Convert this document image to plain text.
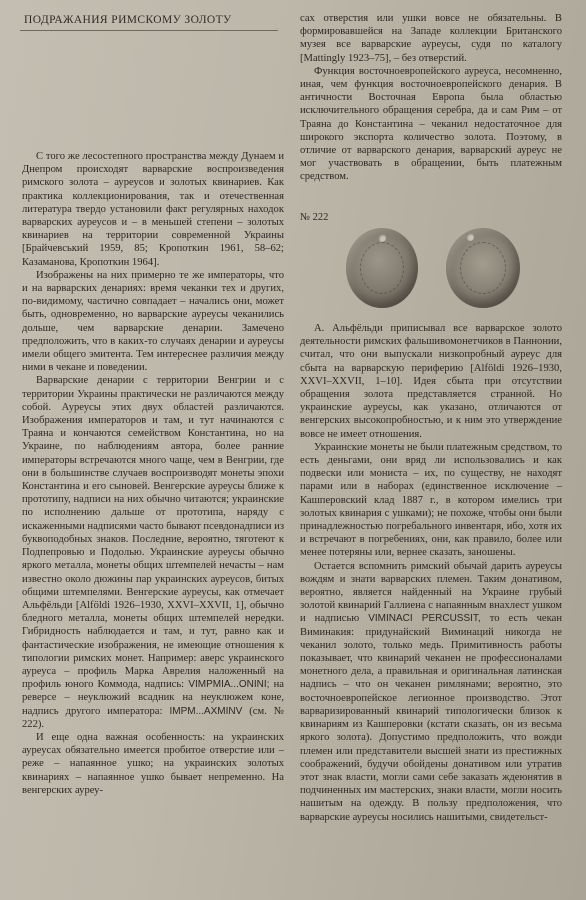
ПОДРАЖАНИЯ РИМСКОМУ ЗОЛОТУ

С того же лесостепного пространства между Дунаем и Днепром происходят варварские воспроизведения римского золота – ауреусов и золотых квинариев. Как практика коллекционирования, так и отечественная литература твердо установили факт регулярных находок варварских ауреусов и – в меньшей степени – золотых квинариев на территории современной Украины [Брайчевський 1959, 85; Кропоткин 1961, 58–62; Казаманова, Кропоткин 1964].

Изображены на них примерно те же императоры, что и на варварских денариях: время чеканки тех и других, по-видимому, частично совпадает – начались они, может быть, одновременно, но варварские ауреусы чеканились дольше, чем варварские денарии. Замечено предположить, что в каких-то случаях денарии и ауреусы имели общего эмитента. Тем интереснее различия между ними в чекане и поведении.

Варварские денарии с территории Венгрии и с территории Украины практически не различаются между собой. Ауреусы этих двух областей различаются. Изображения императоров и там, и тут начинаются с Траяна и кончаются семейством Константина, но на Украине, по наблюдениям автора, более ранние императоры встречаются много чаще, чем в Венгрии, где они в большинстве случаев воспроизводят монеты эпохи Константина и его сыновей. Венгерские ауреусы ближе к прототипу, надписи на них обычно читаются; украинские по исполнению дальше от прототипа, наряду с искаженными надписями часто бывают псевдонадписи из буквоподобных знаков. Последние, вероятно, тяготеют к Подпепровью и Подолью. Украинские ауреусы обычно яркого металла, монеты общих штемпелей нечасты – нам известно около дюжины пар украинских ауреусов, битых общими штемпелями. Венгерские ауреусы, как отмечает Альфёльди [Alföldi 1926–1930, XXVI–XXVII, 1], обычно бледного металла, монеты общих штемпелей нередки. Гибридность наблюдается и там, и тут, равно как и фантастические изображения, не имеющие отношения к типологии римских монет. Например: аверс украинского ауреуса – профиль Марка Аврелия наложенный на профиль юного Коммода, надпись: VIMPMIA...ONINI; на реверсе – неуклюжий всадник на неуклюжем коне, надпись другого императора: IMPM...AXMINV (см. № 222).

И еще одна важная особенность: на украинских ауреусах обязательно имеется пробитое отверстие или – реже – напаянное ушко; на украинских золотых квинариях – напаянное ушко бывает непременно. На венгерских ауреу-

сах отверстия или ушки вовсе не обязательны. В формировавшейся на Западе коллекции Британского музея все варварские ауреусы, судя по каталогу [Mattingly 1923–75], – без отверстий.

Функция восточноевропейского ауреуса, несомненно, иная, чем функция восточноевропейского денария. В античности Восточная Европа была областью исключительного обращения серебра, да и сам Рим – от Траяна до Константина – чеканил недостаточное для широкого экспорта количество золота. Поэтому, в отличие от варварского денария, варварский ауреус не мог участвовать в обращении, быть платежным средством.

№ 222

А. Альфёльди приписывал все варварское золото деятельности римских фальшивомонетчиков в Паннонии, считал, что они выпускали низкопробный ауреус для сбыта на варварскую периферию [Alföldi 1926–1930, XXVI–XXVII, 1–10]. Идея сбыта при отсутствии обращения золота представляется странной. Но украинские ауреусы, как указано, отличаются от венгерских высокопробностью, и к ним это утверждение вовсе не имеет отношения.

Украинские монеты не были платежным средством, то есть деньгами, они вряд ли использовались и как подвески или мониста – их, по существу, не находят парами или в наборах (единственное исключение – Кашперовский клад 1887 г., в котором имелись три золотых квинария с ушками); не похоже, чтобы они были принадлежностью погребального инвентаря, ибо, хотя их и встречают в погребениях, они, как правило, более или менее потеряны или, вернее сказать, заношены.

Остается вспомнить римский обычай дарить ауреусы вождям и знати варварских племен. Таким донативом, вероятно, является найденный на Украине грубый золотой квинарий Галлиена с напаянным внахлест ушком и надписью VIMINACI PERCUSSIT, то есть чекан Виминакия: придунайский Виминаций никогда не чеканил золото, только медь. Примитивность работы показывает, что квинарий чеканен не профессионалами монетного дела, а правильная и оригинальная латинская надпись – что он чеканен римлянами; вероятно, это восточноевропейское легионное производство. Этот варваризированный квинарий типологически близок к квинариям из Кашперовки (кстати сказать, он из весьма яркого золота). Допустимо предположить, что вожди племен или представители высшей знати из престижных соображений, будучи обойдены донативом или утратив этот знак власти, могли сами себе заказать ждеюнятив в подчиненных им мастерских, знаки власти, могли носить нашитым на одежду. В пользу предположения, что варварские ауреусы носились нашитыми, свидетельст-
